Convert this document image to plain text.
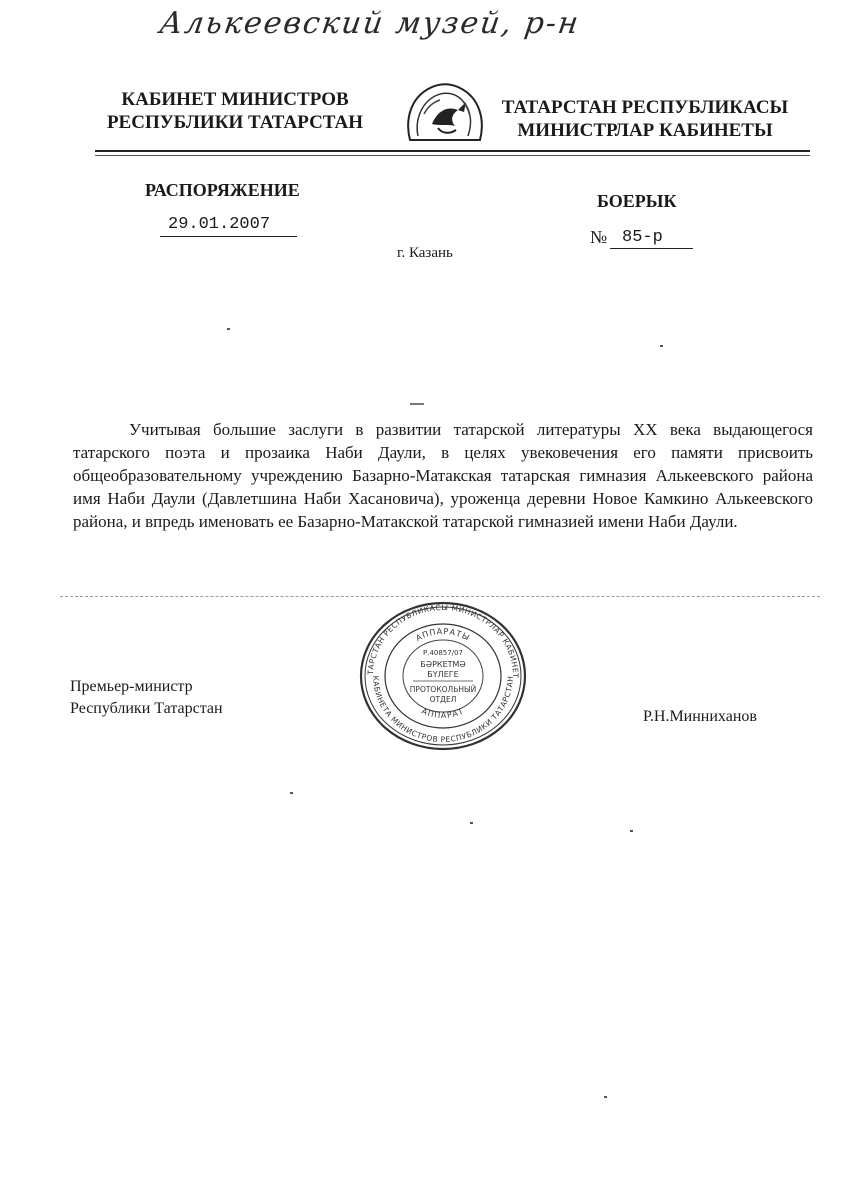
Алькеевский музей, р-н
КАБИНЕТ МИНИСТРОВ
РЕСПУБЛИКИ ТАТАРСТАН
ТАТАРСТАН РЕСПУБЛИКАСЫ
МИНИСТРЛАР КАБИНЕТЫ
РАСПОРЯЖЕНИЕ
БОЕРЫК
29.01.2007
г. Казань
№ 85-р

Учитывая большие заслуги в развитии татарской литературы XX века выдающегося татарского поэта и прозаика Наби Даули, в целях увековечения его памяти присвоить общеобразовательному учреждению Базарно-Матакская татарская гимназия Алькеевского района имя Наби Даули (Давлетшина Наби Хасановича), уроженца деревни Новое Камкино Алькеевского района, и впредь именовать ее Базарно-Матакской татарской гимназией имени Наби Даули.

Премьер-министр
Республики Татарстан	Р.Н.Минниханов
ТАРСТАН РЕСПУБЛИКАСЫ МИНИСТРЛАР КАБИНЕТ
КАБИНЕТА МИНИСТРОВ РЕСПУБЛИКИ ТАТАРСТАН
АППАРАТЫ
АППАРАТ
Р.40857/07
БӘРКЕТМӘ
БҮЛЕГЕ
ПРОТОКОЛЬНЫЙ
ОТДЕЛ
